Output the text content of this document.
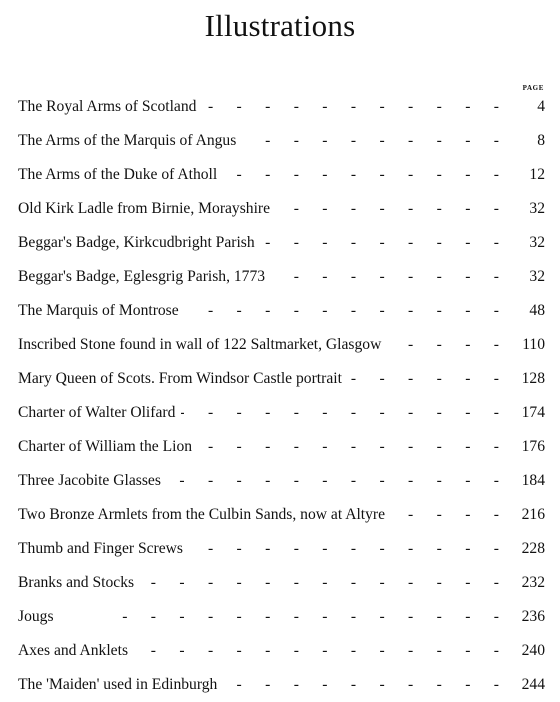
Illustrations
PAGE
The Royal Arms of Scotland -	4
The Arms of the Marquis of Angus -	8
The Arms of the Duke of Atholl -	12
Old Kirk Ladle from Birnie, Morayshire -	32
Beggar's Badge, Kirkcudbright Parish -	32
Beggar's Badge, Eglesgrig Parish, 1773 -	32
The Marquis of Montrose -	48
Inscribed Stone found in wall of 122 Saltmarket, Glasgow -	110
Mary Queen of Scots. From Windsor Castle portrait -	128
Charter of Walter Olifard -	174
Charter of William the Lion -	176
Three Jacobite Glasses -	184
Two Bronze Armlets from the Culbin Sands, now at Altyre -	216
Thumb and Finger Screws -	228
Branks and Stocks -	232
Jougs -	236
Axes and Anklets -	240
The 'Maiden' used in Edinburgh -	244
